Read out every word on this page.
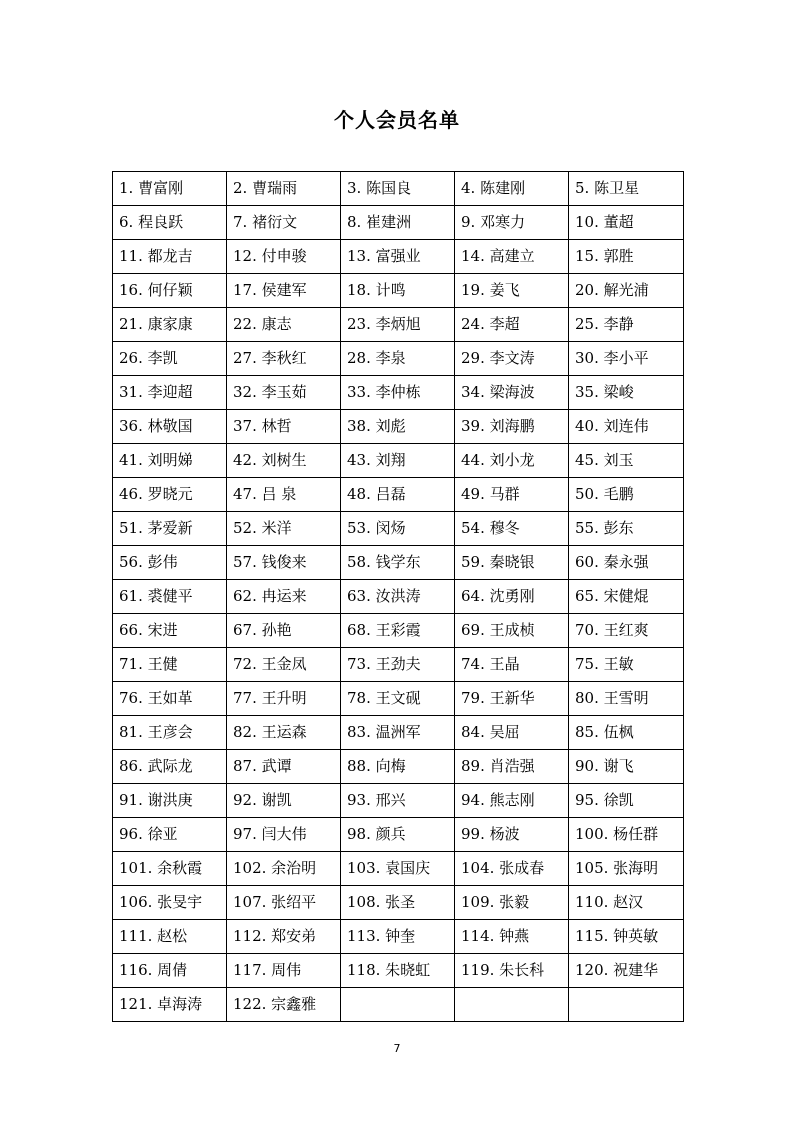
个人会员名单
1. 曹富刚	2. 曹瑞雨	3. 陈国良	4. 陈建刚	5. 陈卫星
6. 程良跃	7. 褚衍文	8. 崔建洲	9. 邓寒力	10. 董超
11. 都龙吉	12. 付申骏	13. 富强业	14. 高建立	15. 郭胜
16. 何仔颖	17. 侯建军	18. 计鸣	19. 姜飞	20. 解光浦
21. 康家康	22. 康志	23. 李炳旭	24. 李超	25. 李静
26. 李凯	27. 李秋红	28. 李泉	29. 李文涛	30. 李小平
31. 李迎超	32. 李玉茹	33. 李仲栋	34. 梁海波	35. 梁峻
36. 林敬国	37. 林哲	38. 刘彪	39. 刘海鹏	40. 刘连伟
41. 刘明娣	42. 刘树生	43. 刘翔	44. 刘小龙	45. 刘玉
46. 罗晓元	47. 吕 泉	48. 吕磊	49. 马群	50. 毛鹏
51. 茅爱新	52. 米洋	53. 闵炀	54. 穆冬	55. 彭东
56. 彭伟	57. 钱俊来	58. 钱学东	59. 秦晓银	60. 秦永强
61. 裘健平	62. 冉运来	63. 汝洪涛	64. 沈勇刚	65. 宋健焜
66. 宋进	67. 孙艳	68. 王彩霞	69. 王成桢	70. 王红爽
71. 王健	72. 王金凤	73. 王劲夫	74. 王晶	75. 王敏
76. 王如革	77. 王升明	78. 王文砚	79. 王新华	80. 王雪明
81. 王彦会	82. 王运森	83. 温洲军	84. 吴屈	85. 伍枫
86. 武际龙	87. 武谭	88. 向梅	89. 肖浩强	90. 谢飞
91. 谢洪庚	92. 谢凯	93. 邢兴	94. 熊志刚	95. 徐凯
96. 徐亚	97. 闫大伟	98. 颜兵	99. 杨波	100. 杨任群
101. 余秋霞	102. 余治明	103. 袁国庆	104. 张成春	105. 张海明
106. 张旻宇	107. 张绍平	108. 张圣	109. 张毅	110. 赵汉
111. 赵松	112. 郑安弟	113. 钟奎	114. 钟燕	115. 钟英敏
116. 周倩	117. 周伟	118. 朱晓虹	119. 朱长科	120. 祝建华
121. 卓海涛	122. 宗鑫雅			
7
